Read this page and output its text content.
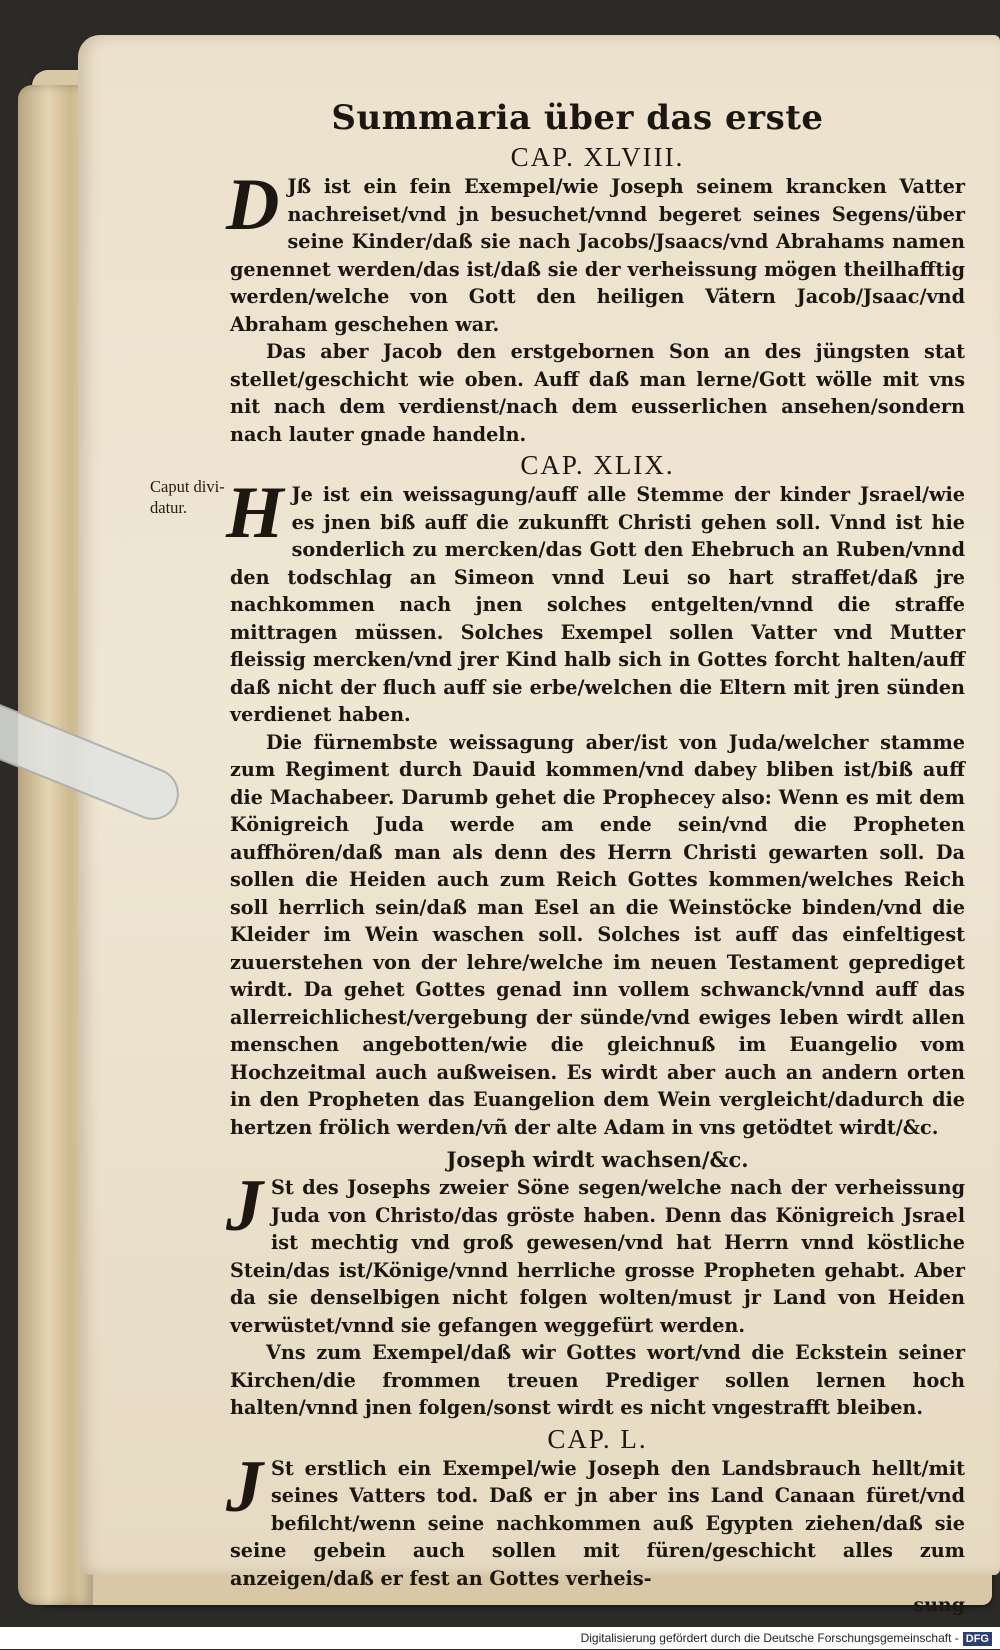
Caput divi-
datur.
Summaria über das erste
CAP. XLVIII.

D Jß ist ein fein Exempel/wie Joseph seinem krancken Vatter nachreiset/vnd jn besuchet/vnnd begeret seines Segens/über seine Kinder/daß sie nach Jacobs/Jsaacs/vnd Abrahams namen genennet werden/das ist/daß sie der verheissung mögen theilhafftig werden/welche von Gott den heiligen Vätern Jacob/Jsaac/vnd Abraham geschehen war.

Das aber Jacob den erstgebornen Son an des jüngsten stat stellet/geschicht wie oben. Auff daß man lerne/Gott wölle mit vns nit nach dem verdienst/nach dem eusserlichen ansehen/sondern nach lauter gnade handeln.

CAP. XLIX.

H Je ist ein weissagung/auff alle Stemme der kinder Jsrael/wie es jnen biß auff die zukunfft Christi gehen soll. Vnnd ist hie sonderlich zu mercken/das Gott den Ehebruch an Ruben/vnnd den todschlag an Simeon vnnd Leui so hart straffet/daß jre nachkommen nach jnen solches entgelten/vnnd die straffe mittragen müssen. Solches Exempel sollen Vatter vnd Mutter fleissig mercken/vnd jrer Kind halb sich in Gottes forcht halten/auff daß nicht der fluch auff sie erbe/welchen die Eltern mit jren sünden verdienet haben.

Die fürnembste weissagung aber/ist von Juda/welcher stamme zum Regiment durch Dauid kommen/vnd dabey bliben ist/biß auff die Machabeer. Darumb gehet die Prophecey also: Wenn es mit dem Königreich Juda werde am ende sein/vnd die Propheten auffhören/daß man als denn des Herrn Christi gewarten soll. Da sollen die Heiden auch zum Reich Gottes kommen/welches Reich soll herrlich sein/daß man Esel an die Weinstöcke binden/vnd die Kleider im Wein waschen soll. Solches ist auff das einfeltigest zuuerstehen von der lehre/welche im neuen Testament geprediget wirdt. Da gehet Gottes genad inn vollem schwanck/vnnd auff das allerreichlichest/vergebung der sünde/vnd ewiges leben wirdt allen menschen angebotten/wie die gleichnuß im Euangelio vom Hochzeitmal auch außweisen. Es wirdt aber auch an andern orten in den Propheten das Euangelion dem Wein vergleicht/dadurch die hertzen frölich werden/vñ der alte Adam in vns getödtet wirdt/&c.

Joseph wirdt wachsen/&c.

J St des Josephs zweier Söne segen/welche nach der verheissung Juda von Christo/das gröste haben. Denn das Königreich Jsrael ist mechtig vnd groß gewesen/vnd hat Herrn vnnd köstliche Stein/das ist/Könige/vnnd herrliche grosse Propheten gehabt. Aber da sie denselbigen nicht folgen wolten/must jr Land von Heiden verwüstet/vnnd sie gefangen weggefürt werden.

Vns zum Exempel/daß wir Gottes wort/vnd die Eckstein seiner Kirchen/die frommen treuen Prediger sollen lernen hoch halten/vnnd jnen folgen/sonst wirdt es nicht vngestrafft bleiben.

CAP. L.

J St erstlich ein Exempel/wie Joseph den Landsbrauch hellt/mit seines Vatters tod. Daß er jn aber ins Land Canaan füret/vnd befilcht/wenn seine nachkommen auß Egypten ziehen/daß sie seine gebein auch sollen mit füren/geschicht alles zum anzeigen/daß er fest an Gottes verheis-

sung
Digitalisierung gefördert durch die Deutsche Forschungsgemeinschaft - DFG
